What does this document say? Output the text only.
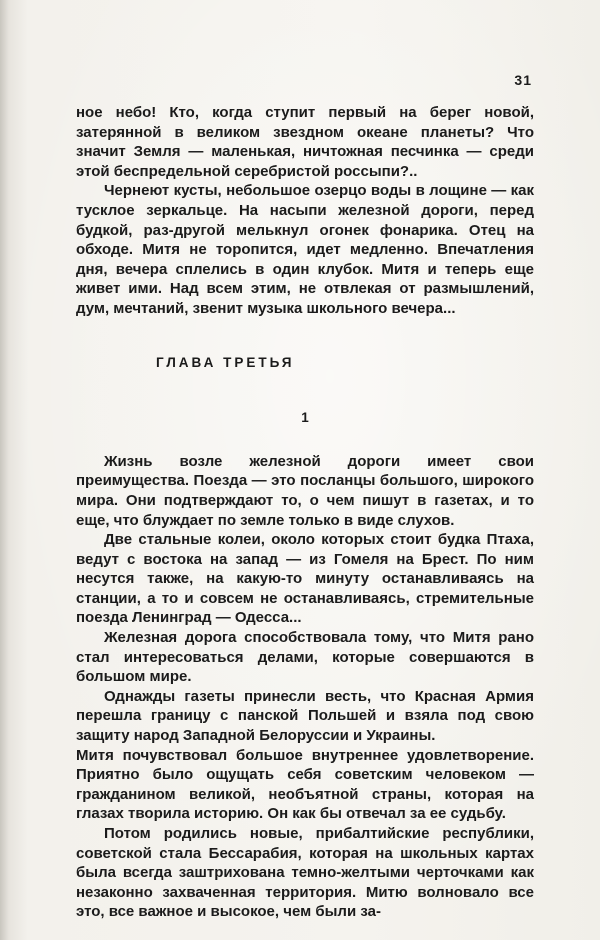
31

ное небо! Кто, когда ступит первый на берег новой, затерянной в великом звездном океане планеты? Что значит Земля — маленькая, ничтожная песчинка — среди этой беспредельной серебристой россыпи?..

Чернеют кусты, небольшое озерцо воды в лощине — как тусклое зеркальце. На насыпи железной дороги, перед будкой, раз-другой мелькнул огонек фонарика. Отец на обходе. Митя не торопится, идет медленно. Впечатления дня, вечера сплелись в один клубок. Митя и теперь еще живет ими. Над всем этим, не отвлекая от размышлений, дум, мечтаний, звенит музыка школьного вечера...

ГЛАВА ТРЕТЬЯ
1

Жизнь возле железной дороги имеет свои преимущества. Поезда — это посланцы большого, широкого мира. Они подтверждают то, о чем пишут в газетах, и то еще, что блуждает по земле только в виде слухов.

Две стальные колеи, около которых стоит будка Птаха, ведут с востока на запад — из Гомеля на Брест. По ним несутся также, на какую-то минуту останавливаясь на станции, а то и совсем не останавливаясь, стремительные поезда Ленинград — Одесса...

Железная дорога способствовала тому, что Митя рано стал интересоваться делами, которые совершаются в большом мире.

Однажды газеты принесли весть, что Красная Армия перешла границу с панской Польшей и взяла под свою защиту народ Западной Белоруссии и Украины.

Митя почувствовал большое внутреннее удовлетворение. Приятно было ощущать себя советским человеком — гражданином великой, необъятной страны, которая на глазах творила историю. Он как бы отвечал за ее судьбу.

Потом родились новые, прибалтийские республики, советской стала Бессарабия, которая на школьных картах была всегда заштрихована темно-желтыми черточками как незаконно захваченная территория. Митю волновало все это, все важное и высокое, чем были за-
